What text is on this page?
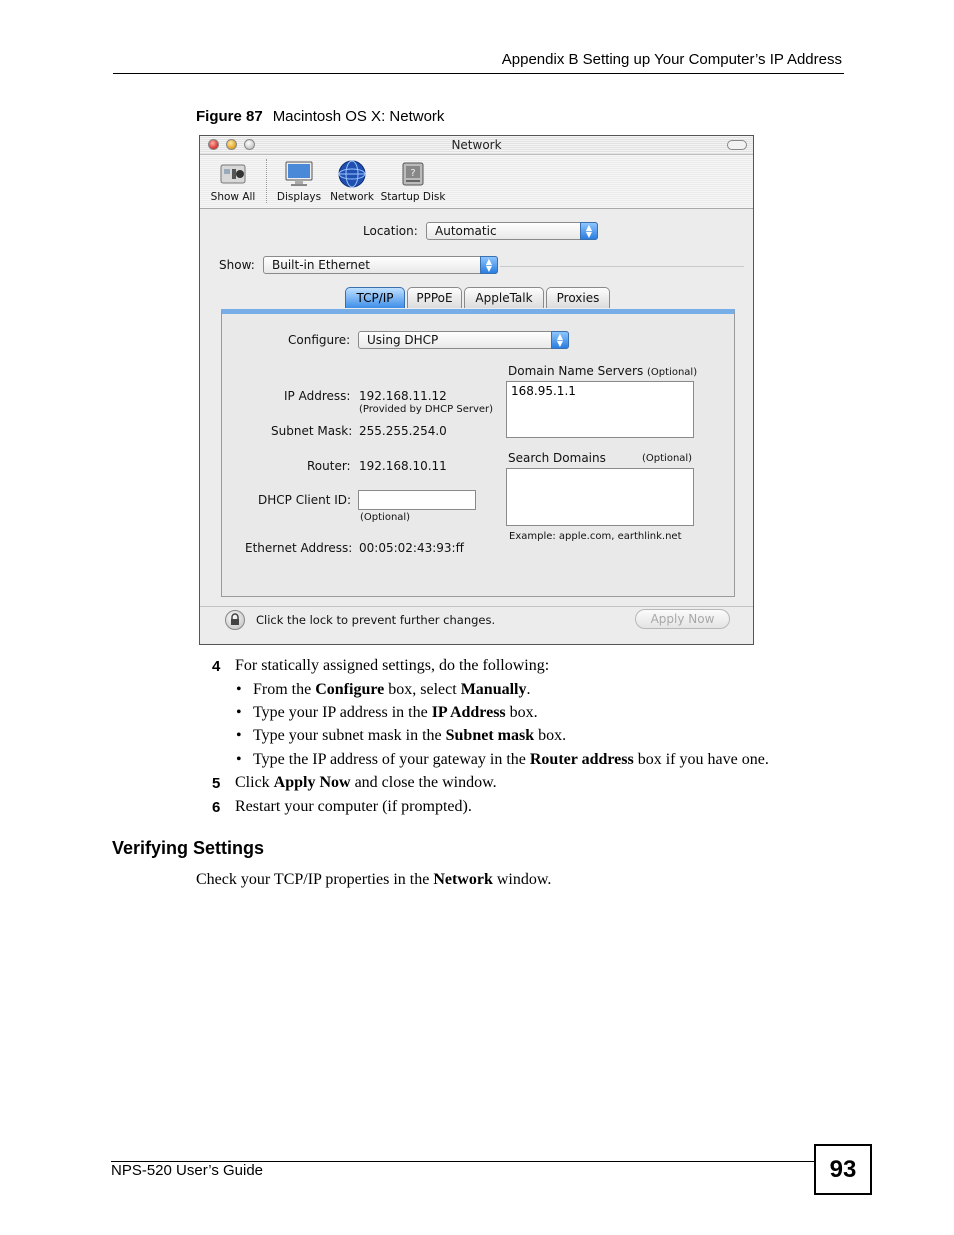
Appendix B Setting up Your Computer’s IP Address
Figure 87 Macintosh OS X: Network
Network
Show All Displays Network
?
Startup Disk
Location:	Automatic	▲
▼
Show:	Built-in Ethernet	▲
▼
TCP/IP	PPPoE	AppleTalk	Proxies
Configure:	Using DHCP	▲
▼
Domain Name Servers (Optional)
168.95.1.1
IP Address: 192.168.11.12
(Provided by DHCP Server)
Subnet Mask: 255.255.254.0
Search Domains	(Optional)
Router: 192.168.10.11
DHCP Client ID:
(Optional)
Example: apple.com, earthlink.net
Ethernet Address: 00:05:02:43:93:ff
Click the lock to prevent further changes.	Apply Now
4 For statically assigned settings, do the following:
• From the Configure box, select Manually.
• Type your IP address in the IP Address box.
• Type your subnet mask in the Subnet mask box.
• Type the IP address of your gateway in the Router address box if you have one.
5 Click Apply Now and close the window.
6 Restart your computer (if prompted).
Verifying Settings
Check your TCP/IP properties in the Network window.
NPS-520 User’s Guide	93
